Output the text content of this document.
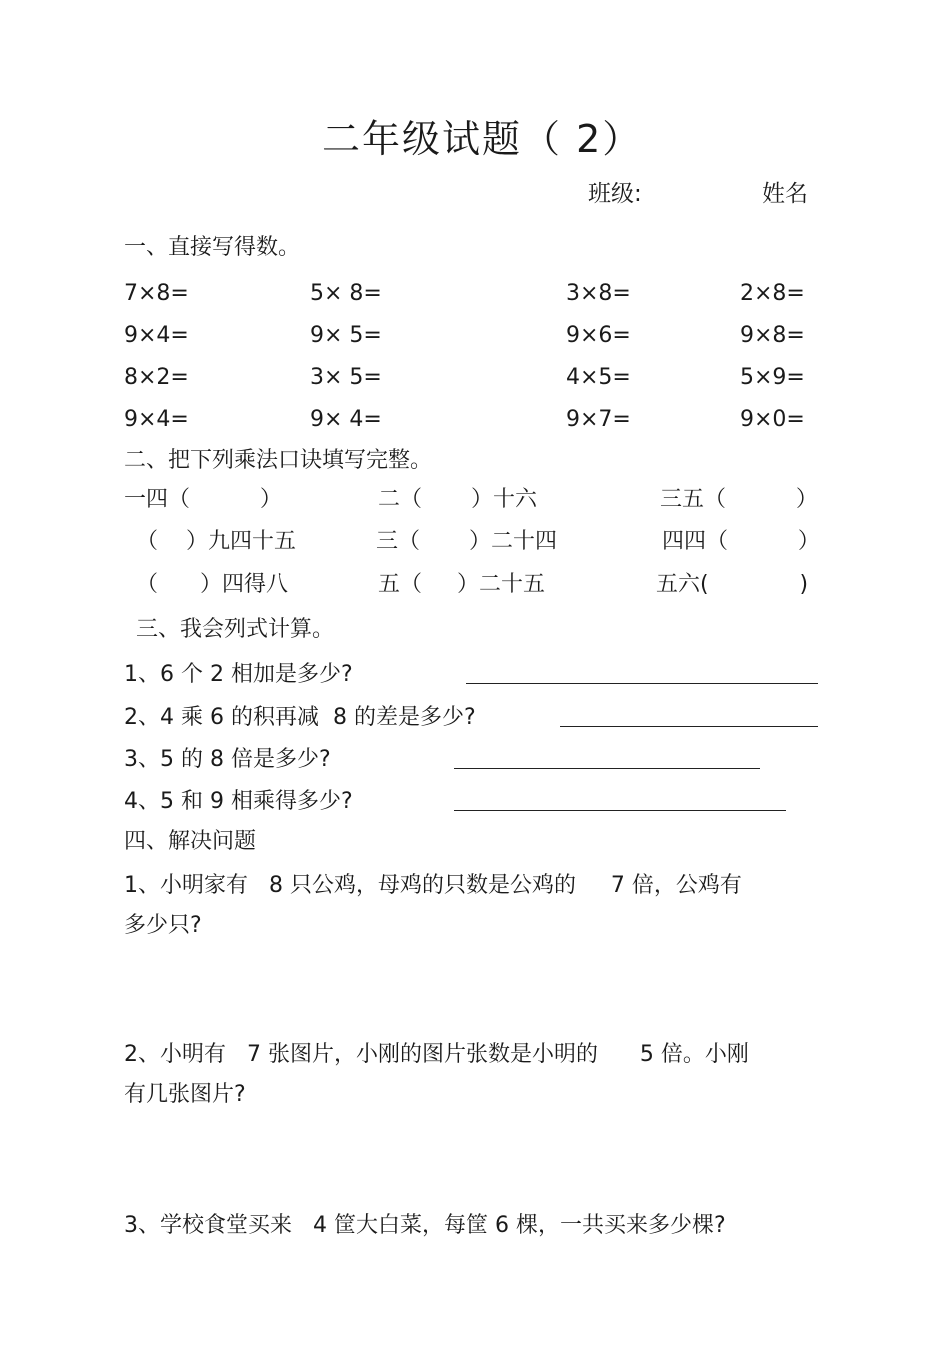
二年级试题（ 2）
班级:	姓名
一、直接写得数。
7×8=	5× 8=	3×8=	2×8=
9×4=	9× 5=	9×6=	9×8=
8×2=	3× 5=	4×5=	5×9=
9×4=	9× 4=	9×7=	9×0=
二、把下列乘法口诀填写完整。
一四（          ）	二（       ）十六	三五（          ）
（    ）九四十五	三（       ）二十四	四四（          ）
（      ）四得八	五（     ）二十五	五六(             )
三、我会列式计算。
1、6 个 2 相加是多少?
2、4 乘 6 的积再减  8 的差是多少?
3、5 的 8 倍是多少?
4、5 和 9 相乘得多少?
四、解决问题
1、小明家有   8 只公鸡，母鸡的只数是公鸡的     7 倍，公鸡有
多少只?
2、小明有   7 张图片，小刚的图片张数是小明的      5 倍。小刚
有几张图片?
3、学校食堂买来   4 筐大白菜，每筐 6 棵，一共买来多少棵?
